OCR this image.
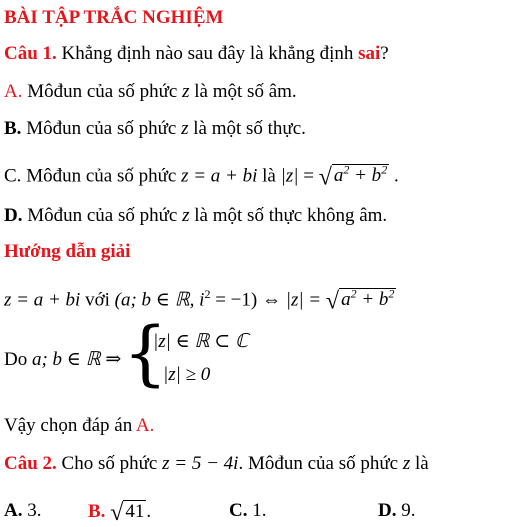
BÀI TẬP TRẮC NGHIỆM
Câu 1. Khẳng định nào sau đây là khẳng định sai?
A. Môđun của số phức z là một số âm.
B. Môđun của số phức z là một số thực.
C. Môđun của số phức z = a + bi là |z| = √ $a^2 + b^2$ .
D. Môđun của số phức z là một số thực không âm.
Hướng dẫn giải
z = a + bi với (a; b ∈ ℝ, $i^2 = -1$) ⇔ |z| = √ $a^2 + b^2$
Do a; b ∈ ℝ ⇒ {
|z| ∈ ℝ ⊂ ℂ
|z| ≥ 0
Vậy chọn đáp án A.
Câu 2. Cho số phức z = 5 − 4i. Môđun của số phức z là
A. 3. B. √ 41 .	C. 1.	D. 9.
